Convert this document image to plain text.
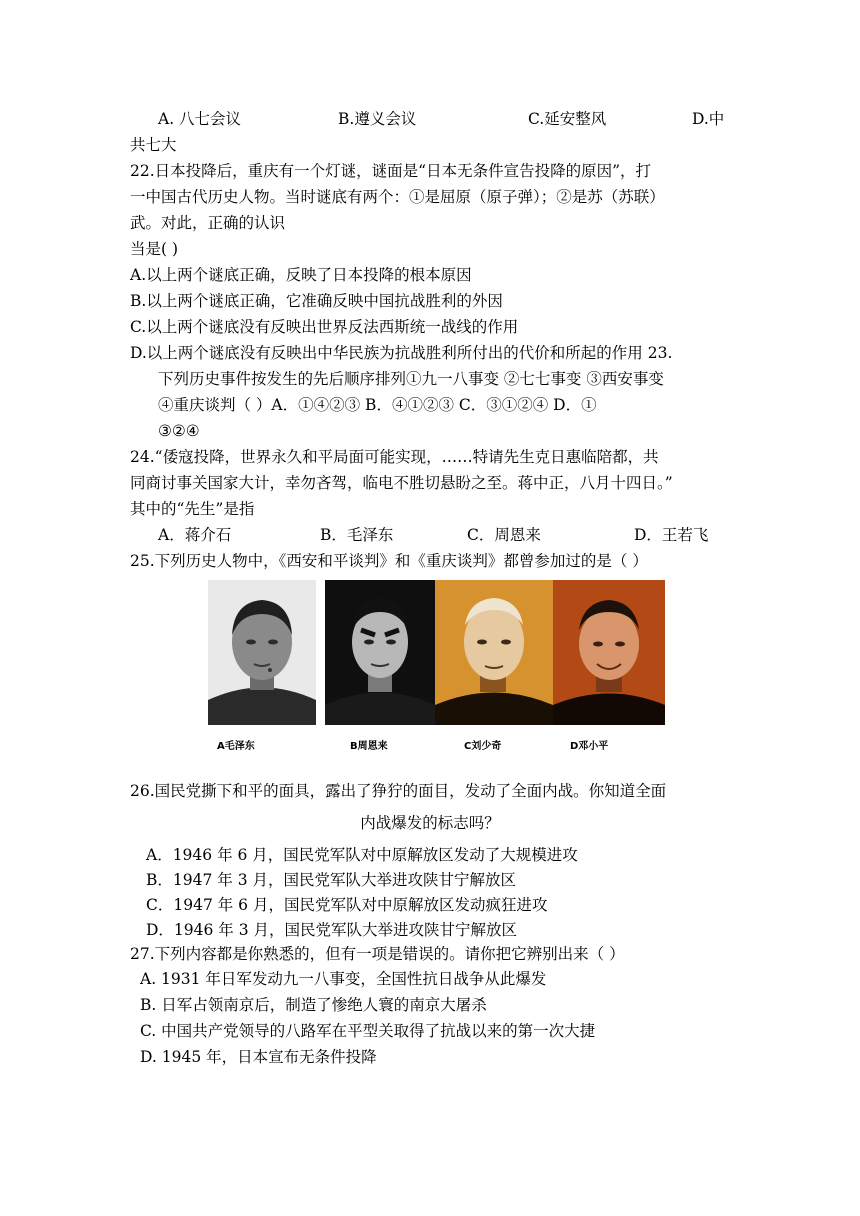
A. 八七会议	B.遵义会议	C.延安整风	D.中
共七大
22.日本投降后，重庆有一个灯谜，谜面是“日本无条件宣告投降的原因”，打
一中国古代历史人物。当时谜底有两个：①是屈原（原子弹）；②是苏（苏联）
武。对此，正确的认识
当是( )
A.以上两个谜底正确，反映了日本投降的根本原因
B.以上两个谜底正确，它准确反映中国抗战胜利的外因
C.以上两个谜底没有反映出世界反法西斯统一战线的作用
D.以上两个谜底没有反映出中华民族为抗战胜利所付出的代价和所起的作用 23.
下列历史事件按发生的先后顺序排列①九一八事变 ②七七事变 ③西安事变
④重庆谈判（ ）A．①④②③ B．④①②③ C．③①②④ D．①
③②④
24.“倭寇投降，世界永久和平局面可能实现，……特请先生克日惠临陪都，共
同商讨事关国家大计，幸勿吝驾，临电不胜切悬盼之至。蒋中正，八月十四日。”
其中的“先生”是指
A．蒋介石	B．毛泽东	C．周恩来	D．王若飞
25.下列历史人物中，《西安和平谈判》和《重庆谈判》都曾参加过的是（ ）
A毛泽东	B周恩来	C刘少奇	D邓小平
26.国民党撕下和平的面具，露出了狰狞的面目，发动了全面内战。你知道全面
内战爆发的标志吗？
A．1946 年 6 月，国民党军队对中原解放区发动了大规模进攻
B．1947 年 3 月，国民党军队大举进攻陕甘宁解放区
C．1947 年 6 月，国民党军队对中原解放区发动疯狂进攻
D．1946 年 3 月，国民党军队大举进攻陕甘宁解放区
27.下列内容都是你熟悉的，但有一项是错误的。请你把它辨别出来（ ）
A. 1931 年日军发动九一八事变，全国性抗日战争从此爆发
B. 日军占领南京后，制造了惨绝人寰的南京大屠杀
C. 中国共产党领导的八路军在平型关取得了抗战以来的第一次大捷
D. 1945 年，日本宣布无条件投降
